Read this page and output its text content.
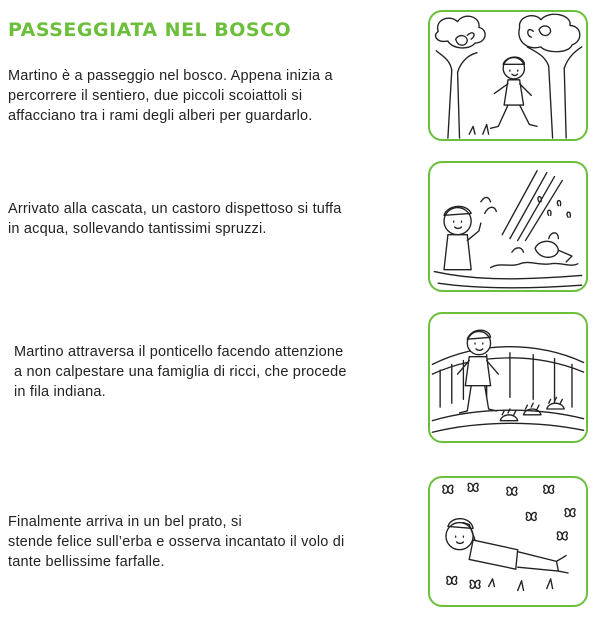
PASSEGGIATA NEL BOSCO

Martino è a passeggio nel bosco. Appena inizia a
percorrere il sentiero, due piccoli scoiattoli si
affacciano tra i rami degli alberi per guardarlo.

Arrivato alla cascata, un castoro dispettoso si tuffa
in acqua, sollevando tantissimi spruzzi.

Martino attraversa il ponticello facendo attenzione
a non calpestare una famiglia di ricci, che procede
in fila indiana.

Finalmente arriva in un bel prato, si
stende felice sull’erba e osserva incantato il volo di
tante bellissime farfalle.
